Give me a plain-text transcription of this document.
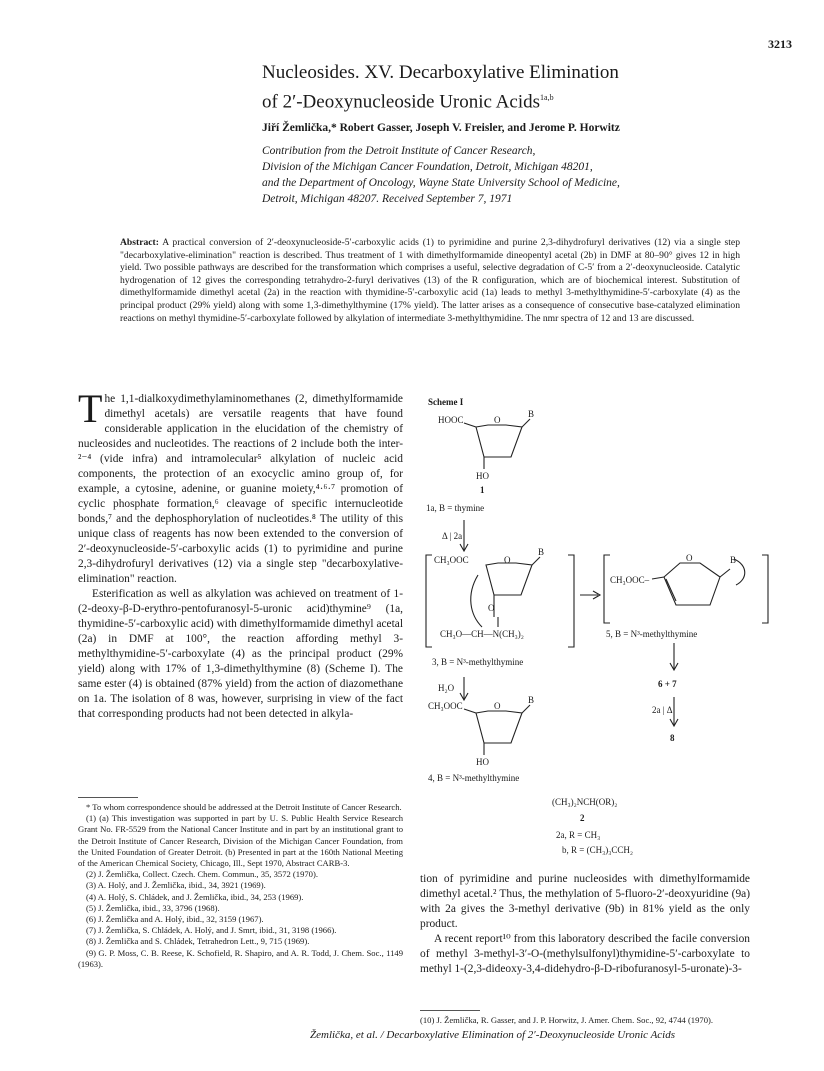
3213
Nucleosides. XV. Decarboxylative Elimination
of 2′-Deoxynucleoside Uronic Acids$^{1a,b}$
Jiří Žemlička,* Robert Gasser, Joseph V. Freisler, and Jerome P. Horwitz
Contribution from the Detroit Institute of Cancer Research,
Division of the Michigan Cancer Foundation, Detroit, Michigan 48201,
and the Department of Oncology, Wayne State University School of Medicine,
Detroit, Michigan 48207. Received September 7, 1971
Abstract: A practical conversion of 2′-deoxynucleoside-5′-carboxylic acids (1) to pyrimidine and purine 2,3-dihydrofuryl derivatives (12) via a single step "decarboxylative-elimination" reaction is described. Thus treatment of 1 with dimethylformamide dineopentyl acetal (2b) in DMF at 80–90° gives 12 in high yield. Two possible pathways are described for the transformation which comprises a useful, selective degradation of C-5′ from a 2′-deoxynucleoside. Catalytic hydrogenation of 12 gives the corresponding tetrahydro-2-furyl derivatives (13) of the R configuration, which are of biochemical interest. Substitution of dimethylformamide dimethyl acetal (2a) in the reaction with thymidine-5′-carboxylic acid (1a) leads to methyl 3-methylthymidine-5′-carboxylate (4) as the principal product (29% yield) along with some 1,3-dimethylthymine (17% yield). The latter arises as a consequence of consecutive base-catalyzed elimination reactions on methyl thymidine-5′-carboxylate followed by alkylation of intermediate 3-methylthymidine. The nmr spectra of 12 and 13 are discussed.

The 1,1-dialkoxydimethylaminomethanes (2, dimethylformamide dimethyl acetals) are versatile reagents that have found considerable application in the elucidation of the chemistry of nucleosides and nucleotides. The reactions of 2 include both the inter-²⁻⁴ (vide infra) and intramolecular⁵ alkylation of nucleic acid components, the protection of an exocyclic amino group of, for example, a cytosine, adenine, or guanine moiety,⁴·⁶·⁷ promotion of cyclic phosphate formation,⁶ cleavage of specific internucleotide bonds,⁷ and the dephosphorylation of nucleotides.⁸ The utility of this unique class of reagents has now been extended to the conversion of 2′-deoxynucleoside-5′-carboxylic acids (1) to pyrimidine and purine 2,3-dihydrofuryl derivatives (12) via a single step "decarboxylative-elimination" reaction.

Esterification as well as alkylation was achieved on treatment of 1-(2-deoxy-β-D-erythro-pentofuranosyl-5-uronic acid)thymine⁹ (1a, thymidine-5′-carboxylic acid) with dimethylformamide dimethyl acetal (2a) in DMF at 100°, the reaction affording methyl 3-methylthymidine-5′-carboxylate (4) as the principal product (29% yield) along with 17% of 1,3-dimethylthymine (8) (Scheme I). The same ester (4) is obtained (87% yield) from the action of diazomethane on 1a. The isolation of 8 was, however, surprising in view of the fact that corresponding products had not been detected in alkyla-

* To whom correspondence should be addressed at the Detroit Institute of Cancer Research.

(1) (a) This investigation was supported in part by U. S. Public Health Service Research Grant No. FR-5529 from the National Cancer Institute and in part by an institutional grant to the Detroit Institute of Cancer Research, Division of the Michigan Cancer Foundation, from the United Foundation of Greater Detroit. (b) Presented in part at the 160th National Meeting of the American Chemical Society, Chicago, Ill., Sept 1970, Abstract CARB-3.

(2) J. Žemlička, Collect. Czech. Chem. Commun., 35, 3572 (1970).

(3) A. Holý, and J. Žemlička, ibid., 34, 3921 (1969).

(4) A. Holý, S. Chládek, and J. Žemlička, ibid., 34, 253 (1969).

(5) J. Žemlička, ibid., 33, 3796 (1968).

(6) J. Žemlička and A. Holý, ibid., 32, 3159 (1967).

(7) J. Žemlička, S. Chládek, A. Holý, and J. Smrt, ibid., 31, 3198 (1966).

(8) J. Žemlička and S. Chládek, Tetrahedron Lett., 9, 715 (1969).

(9) G. P. Moss, C. B. Reese, K. Schofield, R. Shapiro, and A. R. Todd, J. Chem. Soc., 1149 (1963).

Scheme I
HOOC	O
B
HO
1
1a, B = thymine
Δ | 2a
CH₃OOC	O
B
O
CH₃O—CH—N(CH₃)₂
3, B = N³-methylthymine
H₂O
CH₃OOC–
O	B
5, B = N³-methylthymine
6 + 7
2a | Δ
8
CH₃OOC	O
B
HO
4, B = N³-methylthymine
(CH₃)₂NCH(OR)₂
2
2a, R = CH₃
b, R = (CH₃)₃CCH₂

tion of pyrimidine and purine nucleosides with dimethylformamide dimethyl acetal.² Thus, the methylation of 5-fluoro-2′-deoxyuridine (9a) with 2a gives the 3-methyl derivative (9b) in 81% yield as the only product.

A recent report¹⁰ from this laboratory described the facile conversion of methyl 3-methyl-3′-O-(methylsulfonyl)thymidine-5′-carboxylate to methyl 1-(2,3-dideoxy-3,4-didehydro-β-D-ribofuranosyl-5-uronate)-3-

(10) J. Žemlička, R. Gasser, and J. P. Horwitz, J. Amer. Chem. Soc., 92, 4744 (1970).
Žemlička, et al. / Decarboxylative Elimination of 2′-Deoxynucleoside Uronic Acids
